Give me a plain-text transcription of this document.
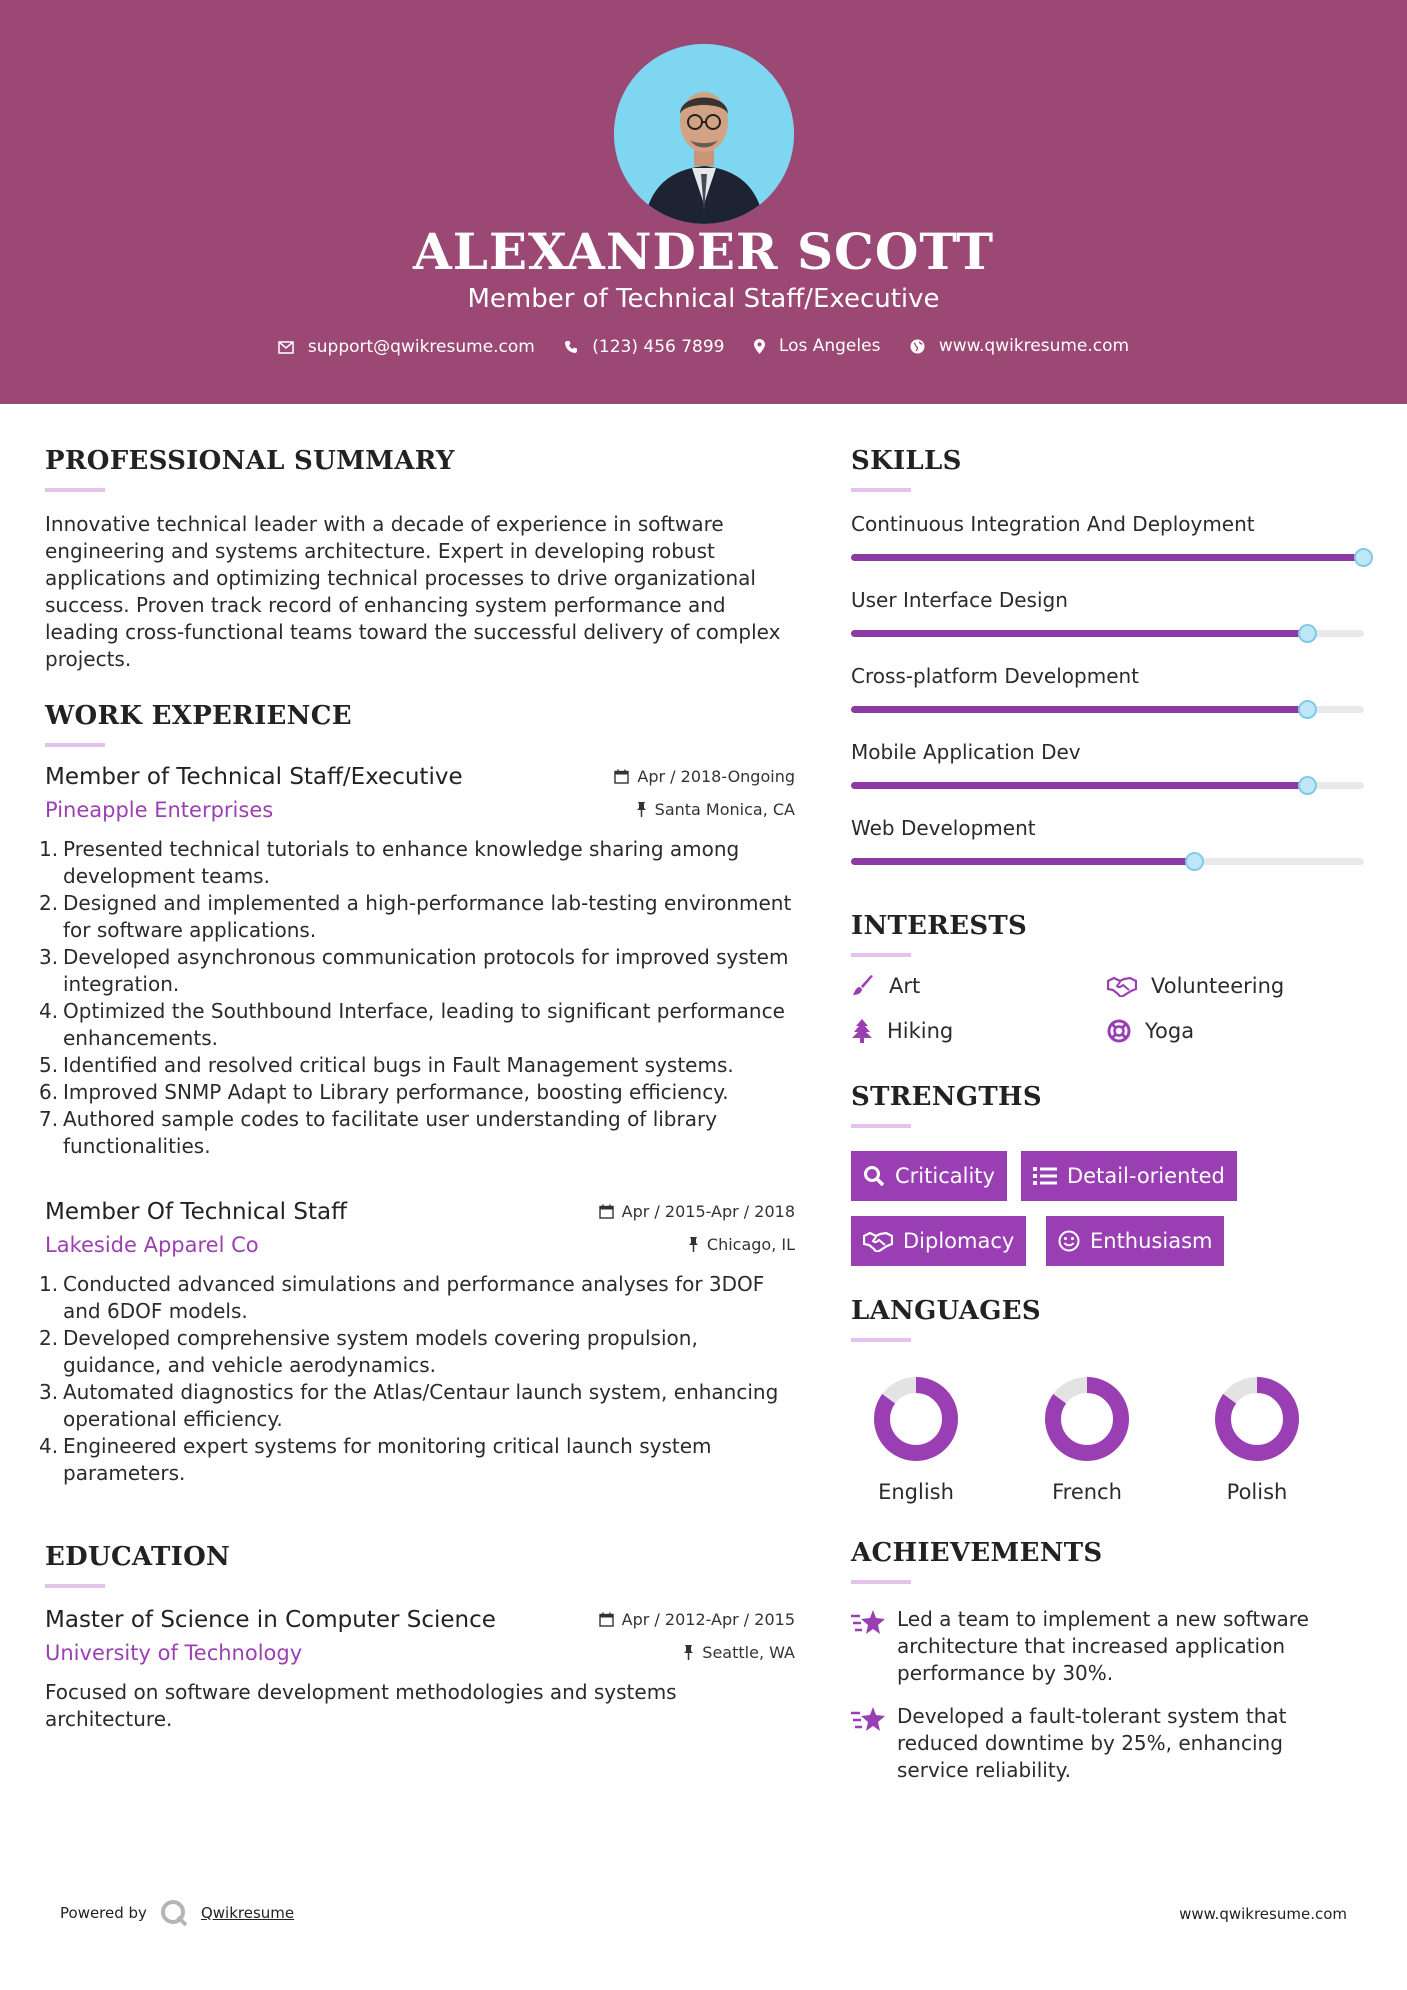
ALEXANDER SCOTT
Member of Technical Staff/Executive
support@qwikresume.com
	(123) 456 7899
	Los Angeles
	www.qwikresume.com
PROFESSIONAL SUMMARY
Innovative technical leader with a decade of experience in software engineering and systems architecture. Expert in developing robust applications and optimizing technical processes to drive organizational success. Proven track record of enhancing system performance and leading cross-functional teams toward the successful delivery of complex projects.
WORK EXPERIENCE
Member of Technical Staff/Executive	Apr / 2018-Ongoing
Pineapple Enterprises	Santa Monica, CA
1. Presented technical tutorials to enhance knowledge sharing among development teams.
2. Designed and implemented a high-performance lab-testing environment for software applications.
3. Developed asynchronous communication protocols for improved system integration.
4. Optimized the Southbound Interface, leading to significant performance enhancements.
5. Identified and resolved critical bugs in Fault Management systems.
6. Improved SNMP Adapt to Library performance, boosting efficiency.
7. Authored sample codes to facilitate user understanding of library functionalities.
Member Of Technical Staff	Apr / 2015-Apr / 2018
Lakeside Apparel Co	Chicago, IL
1. Conducted advanced simulations and performance analyses for 3DOF and 6DOF models.
2. Developed comprehensive system models covering propulsion, guidance, and vehicle aerodynamics.
3. Automated diagnostics for the Atlas/Centaur launch system, enhancing operational efficiency.
4. Engineered expert systems for monitoring critical launch system parameters.
EDUCATION
Master of Science in Computer Science	Apr / 2012-Apr / 2015
University of Technology	Seattle, WA
Focused on software development methodologies and systems architecture.
SKILLS
Continuous Integration And Deployment
User Interface Design
Cross-platform Development
Mobile Application Dev
Web Development
INTERESTS
Art	Volunteering
Hiking	Yoga
STRENGTHS
Criticality	Detail-oriented
Diplomacy	Enthusiasm
LANGUAGES
English	French	Polish
ACHIEVEMENTS
Led a team to implement a new software architecture that increased application performance by 30%.
Developed a fault-tolerant system that reduced downtime by 25%, enhancing service reliability.
Powered by	Qwikresume	www.qwikresume.com
